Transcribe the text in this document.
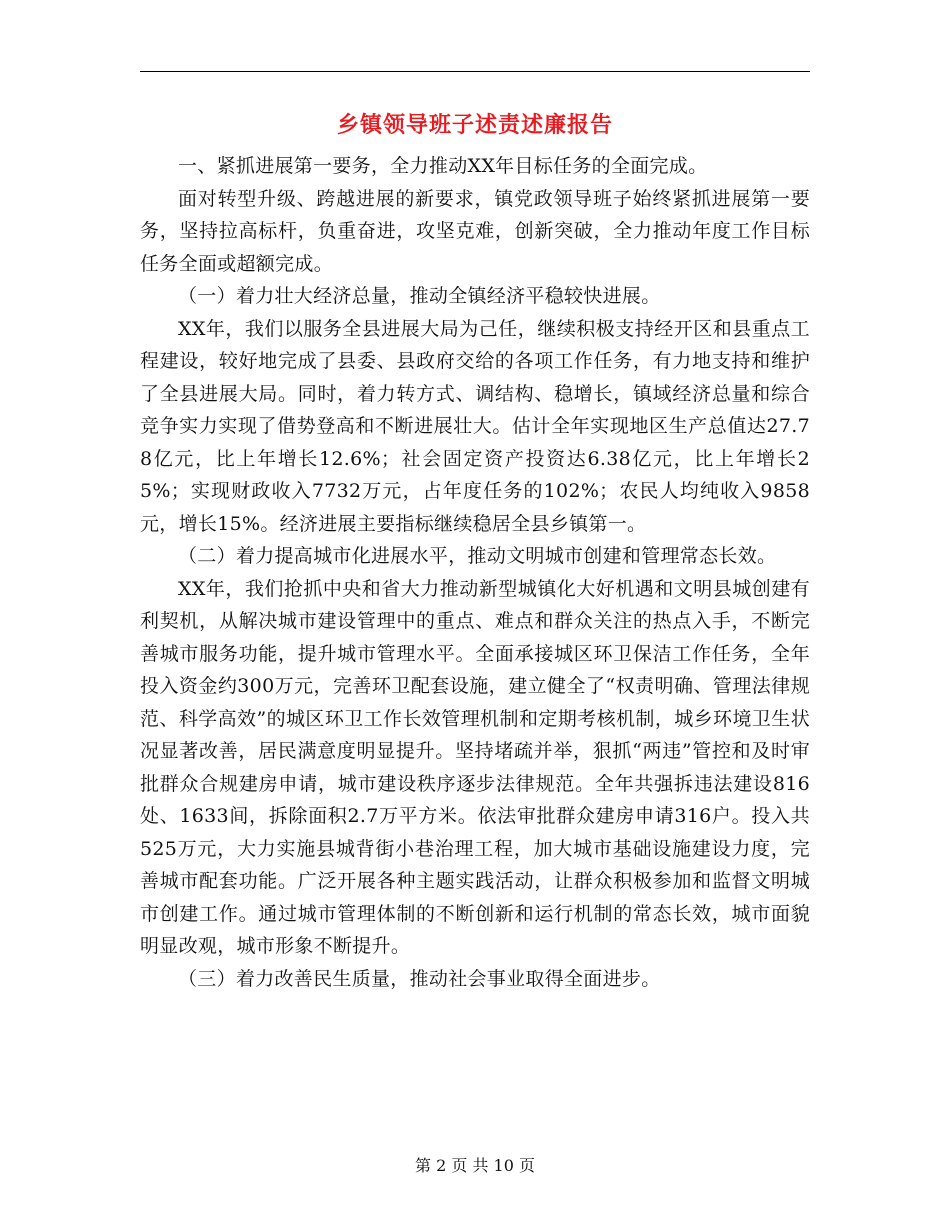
乡镇领导班子述责述廉报告

一、紧抓进展第一要务，全力推动XX年目标任务的全面完成。

面对转型升级、跨越进展的新要求，镇党政领导班子始终紧抓进展第一要务，坚持拉高标杆，负重奋进，攻坚克难，创新突破，全力推动年度工作目标任务全面或超额完成。

（一）着力壮大经济总量，推动全镇经济平稳较快进展。

XX年，我们以服务全县进展大局为己任，继续积极支持经开区和县重点工程建设，较好地完成了县委、县政府交给的各项工作任务，有力地支持和维护了全县进展大局。同时，着力转方式、调结构、稳增长，镇域经济总量和综合竞争实力实现了借势登高和不断进展壮大。估计全年实现地区生产总值达27.78亿元，比上年增长12.6%；社会固定资产投资达6.38亿元，比上年增长25%；实现财政收入7732万元，占年度任务的102%；农民人均纯收入9858元，增长15%。经济进展主要指标继续稳居全县乡镇第一。

（二）着力提高城市化进展水平，推动文明城市创建和管理常态长效。

XX年，我们抢抓中央和省大力推动新型城镇化大好机遇和文明县城创建有利契机，从解决城市建设管理中的重点、难点和群众关注的热点入手，不断完善城市服务功能，提升城市管理水平。全面承接城区环卫保洁工作任务，全年投入资金约300万元，完善环卫配套设施，建立健全了“权责明确、管理法律规范、科学高效”的城区环卫工作长效管理机制和定期考核机制，城乡环境卫生状况显著改善，居民满意度明显提升。坚持堵疏并举，狠抓“两违”管控和及时审批群众合规建房申请，城市建设秩序逐步法律规范。全年共强拆违法建设816处、1633间，拆除面积2.7万平方米。依法审批群众建房申请316户。投入共525万元，大力实施县城背街小巷治理工程，加大城市基础设施建设力度，完善城市配套功能。广泛开展各种主题实践活动，让群众积极参加和监督文明城市创建工作。通过城市管理体制的不断创新和运行机制的常态长效，城市面貌明显改观，城市形象不断提升。

（三）着力改善民生质量，推动社会事业取得全面进步。

第 2 页 共 10 页
